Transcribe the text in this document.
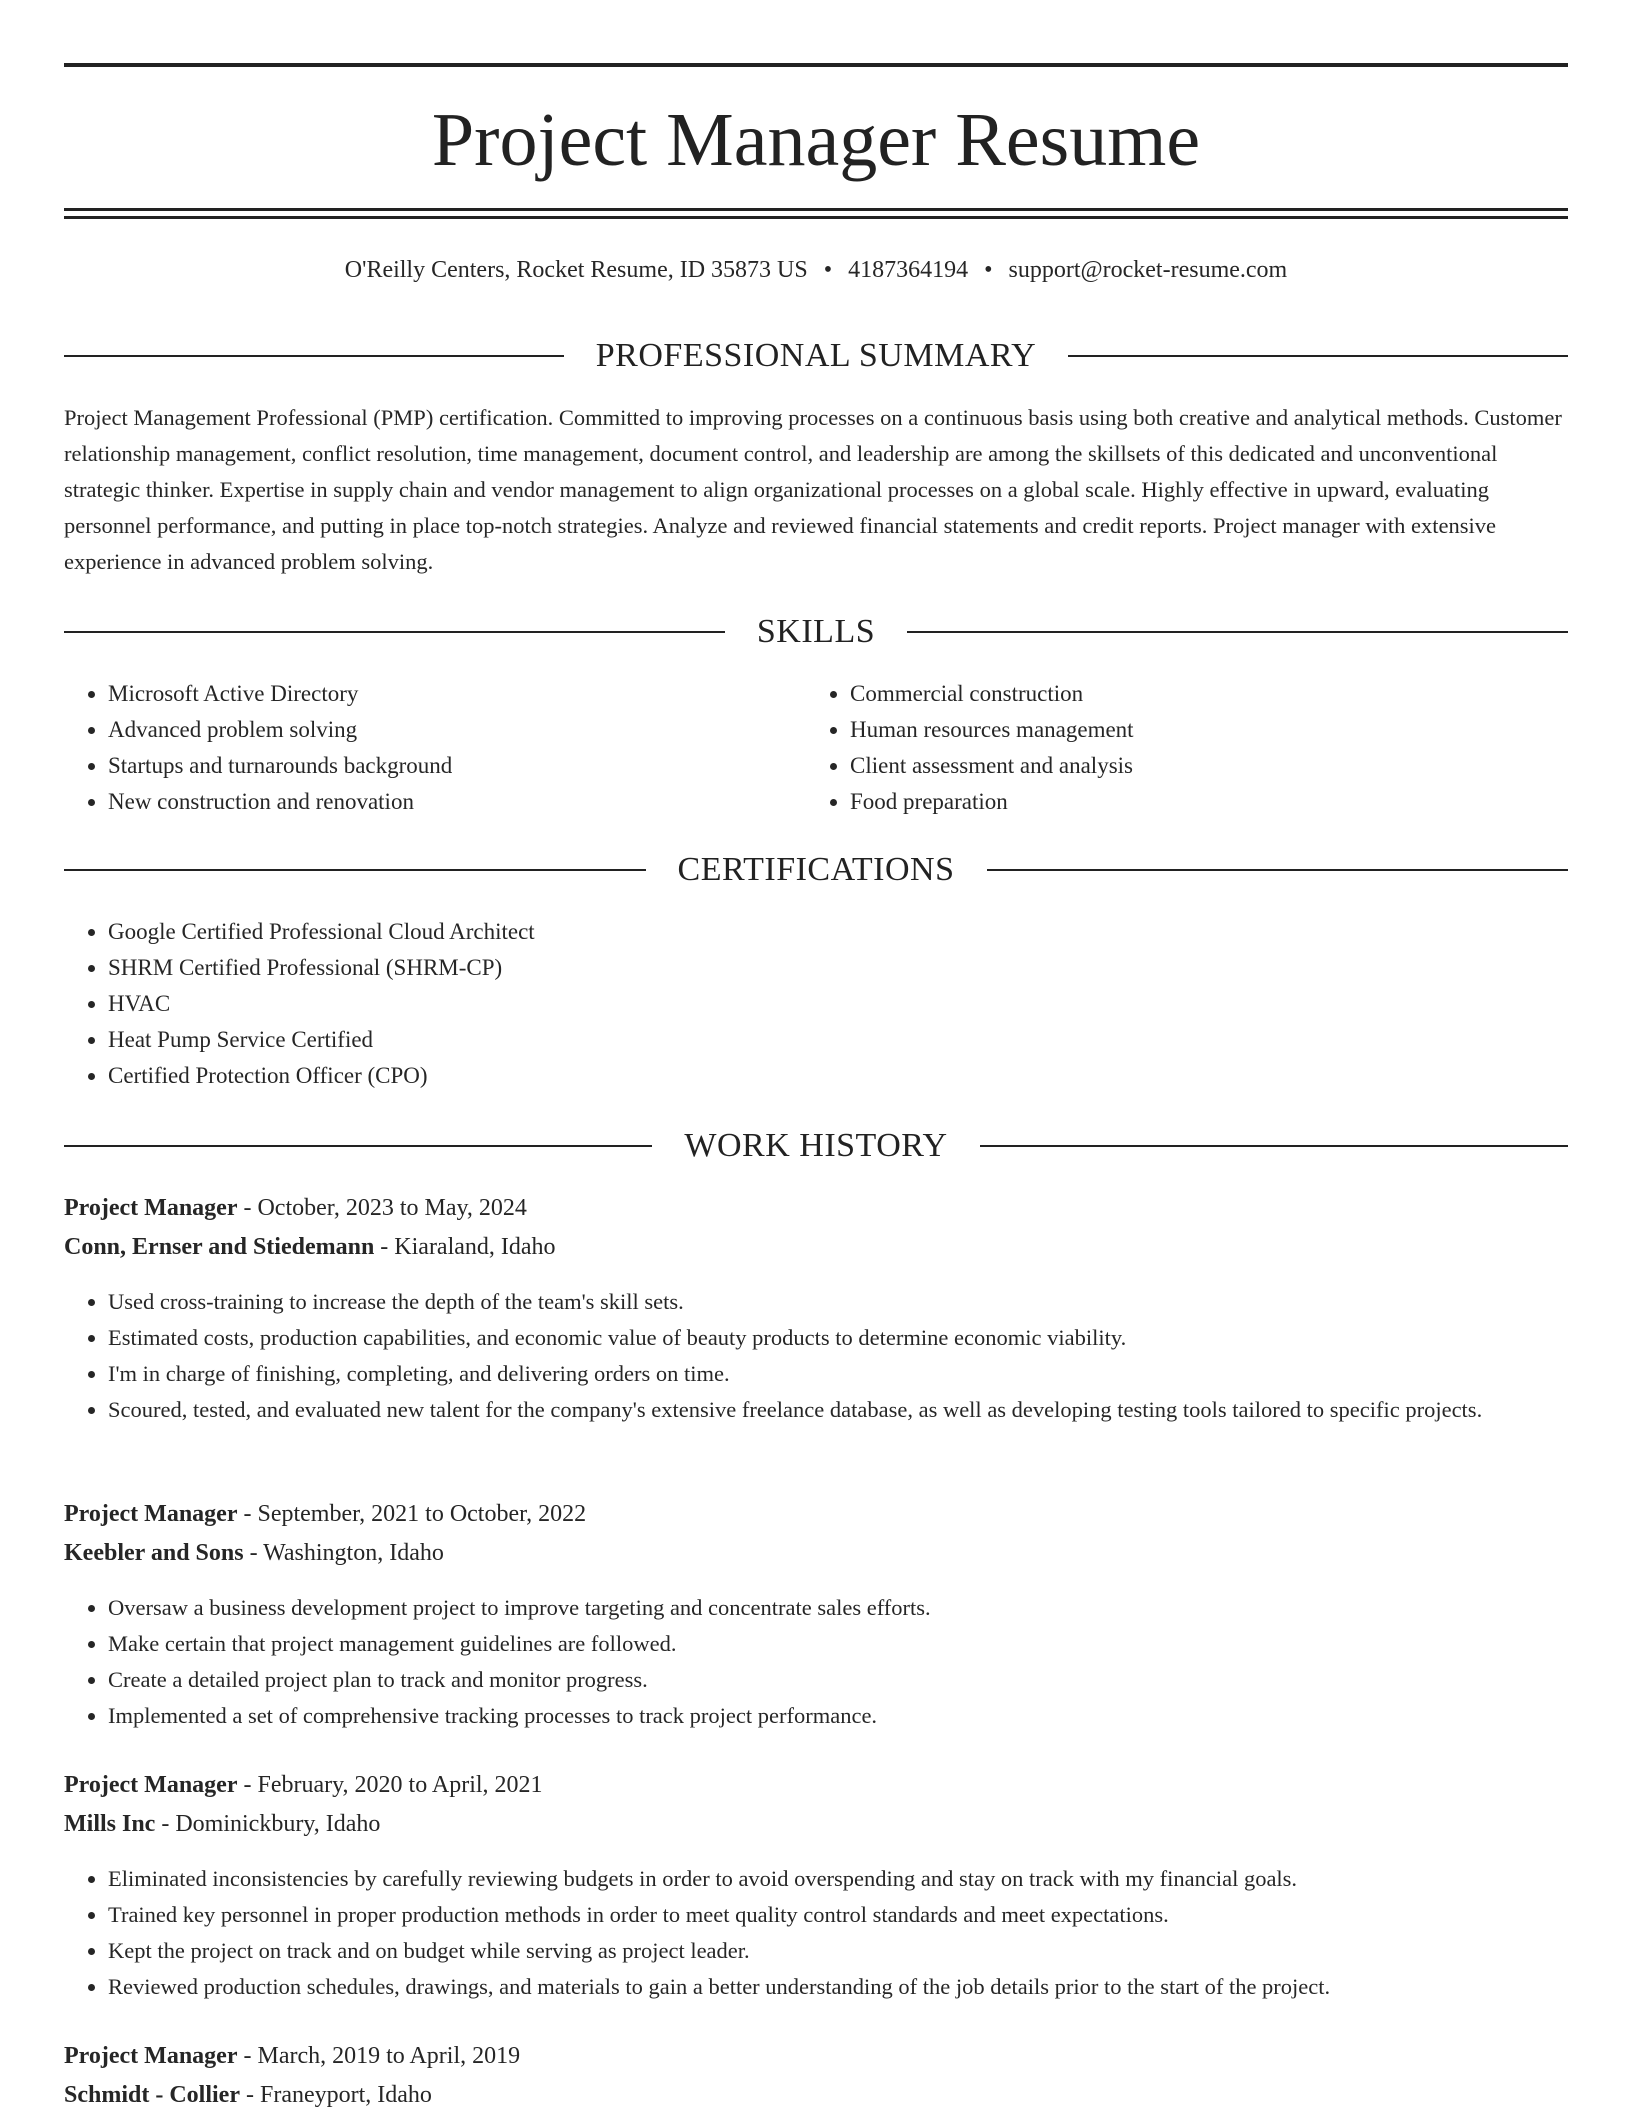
Project Manager Resume
O'Reilly Centers, Rocket Resume, ID 35873 US • 4187364194 • support@rocket-resume.com
PROFESSIONAL SUMMARY

Project Management Professional (PMP) certification. Committed to improving processes on a continuous basis using both creative and analytical methods. Customer relationship management, conflict resolution, time management, document control, and leadership are among the skillsets of this dedicated and unconventional strategic thinker. Expertise in supply chain and vendor management to align organizational processes on a global scale. Highly effective in upward, evaluating personnel performance, and putting in place top-notch strategies. Analyze and reviewed financial statements and credit reports. Project manager with extensive experience in advanced problem solving.

SKILLS
• Microsoft Active Directory
• Advanced problem solving
• Startups and turnarounds background
• New construction and renovation
• Commercial construction
• Human resources management
• Client assessment and analysis
• Food preparation
CERTIFICATIONS
• Google Certified Professional Cloud Architect
• SHRM Certified Professional (SHRM-CP)
• HVAC
• Heat Pump Service Certified
• Certified Protection Officer (CPO)
WORK HISTORY
Project Manager - October, 2023 to May, 2024
Conn, Ernser and Stiedemann - Kiaraland, Idaho
• Used cross-training to increase the depth of the team's skill sets.
• Estimated costs, production capabilities, and economic value of beauty products to determine economic viability.
• I'm in charge of finishing, completing, and delivering orders on time.
• Scoured, tested, and evaluated new talent for the company's extensive freelance database, as well as developing testing tools tailored to specific projects.
Project Manager - September, 2021 to October, 2022
Keebler and Sons - Washington, Idaho
• Oversaw a business development project to improve targeting and concentrate sales efforts.
• Make certain that project management guidelines are followed.
• Create a detailed project plan to track and monitor progress.
• Implemented a set of comprehensive tracking processes to track project performance.
Project Manager - February, 2020 to April, 2021
Mills Inc - Dominickbury, Idaho
• Eliminated inconsistencies by carefully reviewing budgets in order to avoid overspending and stay on track with my financial goals.
• Trained key personnel in proper production methods in order to meet quality control standards and meet expectations.
• Kept the project on track and on budget while serving as project leader.
• Reviewed production schedules, drawings, and materials to gain a better understanding of the job details prior to the start of the project.
Project Manager - March, 2019 to April, 2019
Schmidt - Collier - Franeyport, Idaho
